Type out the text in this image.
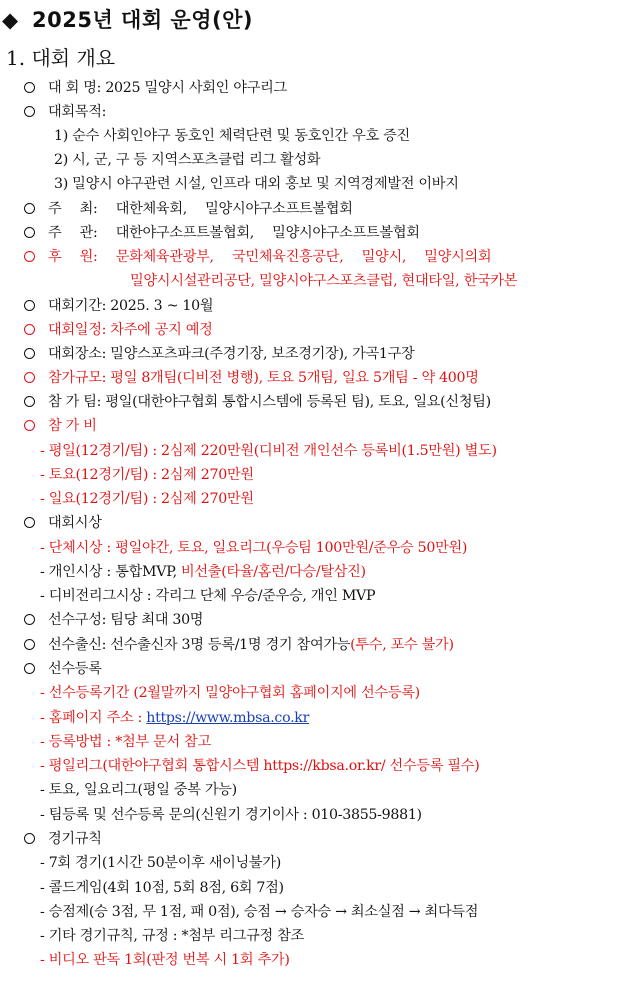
◆ 2025년 대회 운영(안)
1. 대회 개요
대 회 명: 2025 밀양시 사회인 야구리그
대회목적:
1) 순수 사회인야구 동호인 체력단련 및 동호인간 우호 증진
2) 시, 군, 구 등 지역스포츠클럽 리그 활성화
3) 밀양시 야구관련 시설, 인프라 대외 홍보 및 지역경제발전 이바지
주 최: 대한체육회, 밀양시야구소프트볼협회
주 관: 대한야구소프트볼협회, 밀양시야구소프트볼협회
후 원: 문화체육관광부, 국민체육진흥공단, 밀양시, 밀양시의회
밀양시시설관리공단, 밀양시야구스포츠클럽, 현대타일, 한국카본
대회기간: 2025. 3 ~ 10월
대회일정: 차주에 공지 예정
대회장소: 밀양스포츠파크(주경기장, 보조경기장), 가곡1구장
참가규모: 평일 8개팀(디비전 병행), 토요 5개팀, 일요 5개팀 - 약 400명
참 가 팀: 평일(대한야구협회 통합시스템에 등록된 팀), 토요, 일요(신청팀)
참 가 비
- 평일(12경기/팀) : 2심제 220만원(디비전 개인선수 등록비(1.5만원) 별도)
- 토요(12경기/팀) : 2심제 270만원
- 일요(12경기/팀) : 2심제 270만원
대회시상
- 단체시상 : 평일야간, 토요, 일요리그(우승팀 100만원/준우승 50만원)
- 개인시상 : 통합MVP, 비선출(타율/홈런/다승/탈삼진)
- 디비전리그시상 : 각리그 단체 우승/준우승, 개인 MVP
선수구성: 팀당 최대 30명
선수출신: 선수출신자 3명 등록/1명 경기 참여가능(투수, 포수 불가)
선수등록
- 선수등록기간 (2월말까지 밀양야구협회 홈페이지에 선수등록)
- 홈페이지 주소 : https://www.mbsa.co.kr
- 등록방법 : *첨부 문서 참고
- 평일리그(대한야구협회 통합시스템 https://kbsa.or.kr/ 선수등록 필수)
- 토요, 일요리그(평일 중복 가능)
- 팀등록 및 선수등록 문의(신원기 경기이사 : 010-3855-9881)
경기규칙
- 7회 경기(1시간 50분이후 새이닝불가)
- 콜드게임(4회 10점, 5회 8점, 6회 7점)
- 승점제(승 3점, 무 1점, 패 0점), 승점 → 승자승 → 최소실점 → 최다득점
- 기타 경기규칙, 규정 : *첨부 리그규정 참조
- 비디오 판독 1회(판정 번복 시 1회 추가)
